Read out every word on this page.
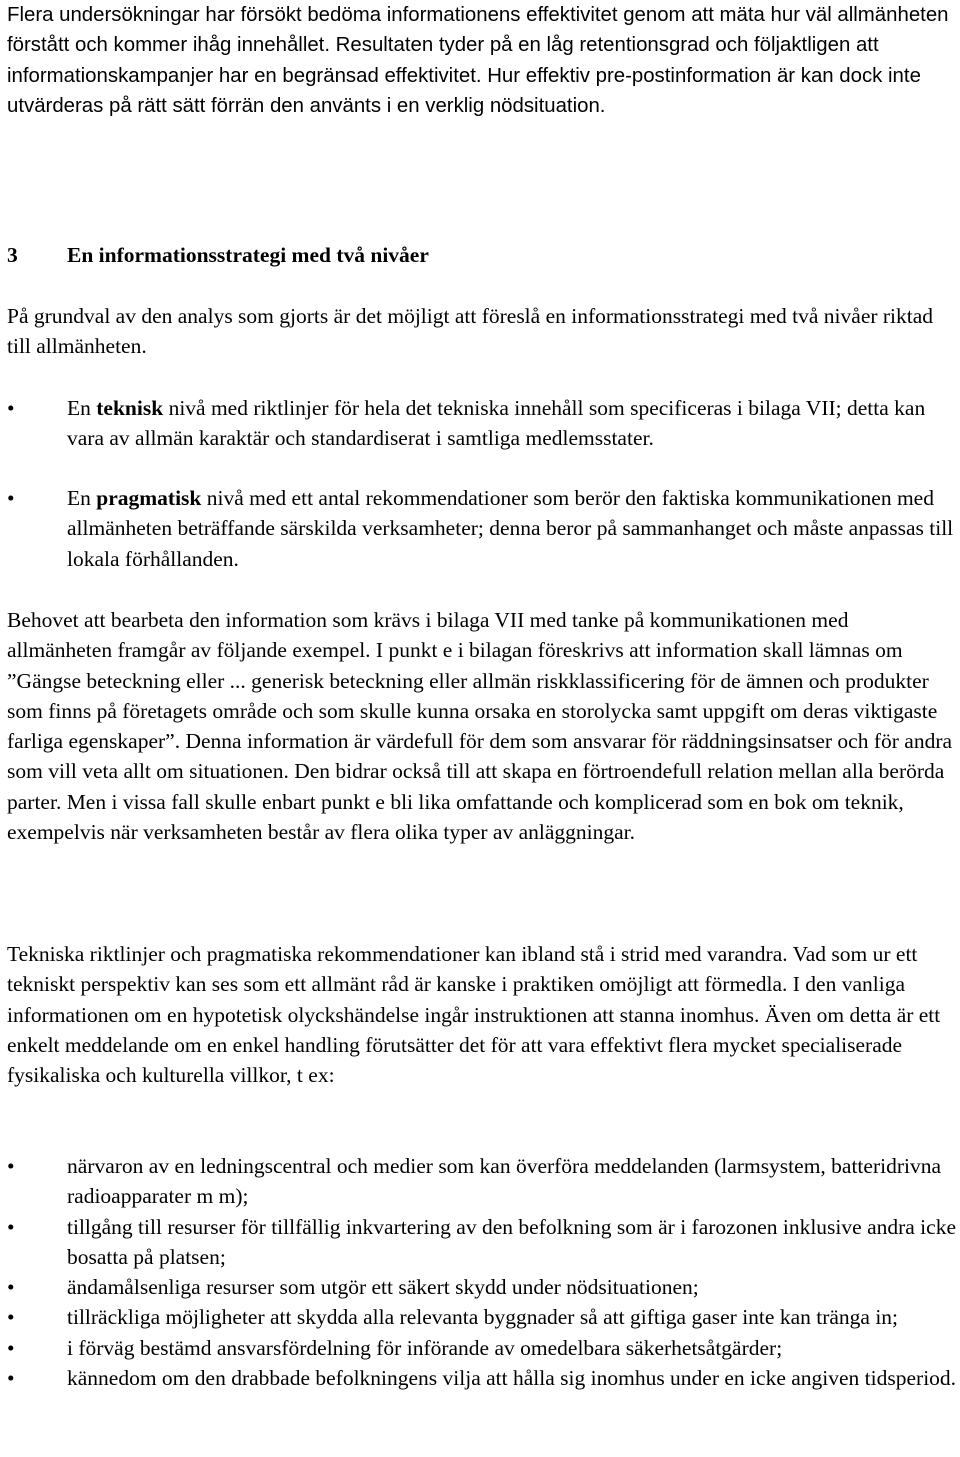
Flera undersökningar har försökt bedöma informationens effektivitet genom att mäta hur väl allmänheten förstått och kommer ihåg innehållet. Resultaten tyder på en låg retentionsgrad och följaktligen att informationskampanjer har en begränsad effektivitet. Hur effektiv pre-postinformation är kan dock inte utvärderas på rätt sätt förrän den använts i en verklig nödsituation.

3 En informationsstrategi med två nivåer

På grundval av den analys som gjorts är det möjligt att föreslå en informationsstrategi med två nivåer riktad till allmänheten.

•	En teknisk nivå med riktlinjer för hela det tekniska innehåll som specificeras i bilaga VII; detta kan vara av allmän karaktär och standardiserat i samtliga medlemsstater.
•	En pragmatisk nivå med ett antal rekommendationer som berör den faktiska kommunikationen med allmänheten beträffande särskilda verksamheter; denna beror på sammanhanget och måste anpassas till lokala förhållanden.

Behovet att bearbeta den information som krävs i bilaga VII med tanke på kommunikationen med allmänheten framgår av följande exempel. I punkt e i bilagan föreskrivs att information skall lämnas om ”Gängse beteckning eller ... generisk beteckning eller allmän riskklassificering för de ämnen och produkter som finns på företagets område och som skulle kunna orsaka en storolycka samt uppgift om deras viktigaste farliga egenskaper”. Denna information är värdefull för dem som ansvarar för räddningsinsatser och för andra som vill veta allt om situationen. Den bidrar också till att skapa en förtroendefull relation mellan alla berörda parter. Men i vissa fall skulle enbart punkt e bli lika omfattande och komplicerad som en bok om teknik, exempelvis när verksamheten består av flera olika typer av anläggningar.

Tekniska riktlinjer och pragmatiska rekommendationer kan ibland stå i strid med varandra. Vad som ur ett tekniskt perspektiv kan ses som ett allmänt råd är kanske i praktiken omöjligt att förmedla. I den vanliga informationen om en hypotetisk olyckshändelse ingår instruktionen att stanna inomhus. Även om detta är ett enkelt meddelande om en enkel handling förutsätter det för att vara effektivt flera mycket specialiserade fysikaliska och kulturella villkor, t ex:

• närvaron av en ledningscentral och medier som kan överföra meddelanden (larmsystem, batteridrivna radioapparater m m);
• tillgång till resurser för tillfällig inkvartering av den befolkning som är i farozonen inklusive andra icke bosatta på platsen;
• ändamålsenliga resurser som utgör ett säkert skydd under nödsituationen;
• tillräckliga möjligheter att skydda alla relevanta byggnader så att giftiga gaser inte kan tränga in;
• i förväg bestämd ansvarsfördelning för införande av omedelbara säkerhetsåtgärder;
• kännedom om den drabbade befolkningens vilja att hålla sig inomhus under en icke angiven tidsperiod.
